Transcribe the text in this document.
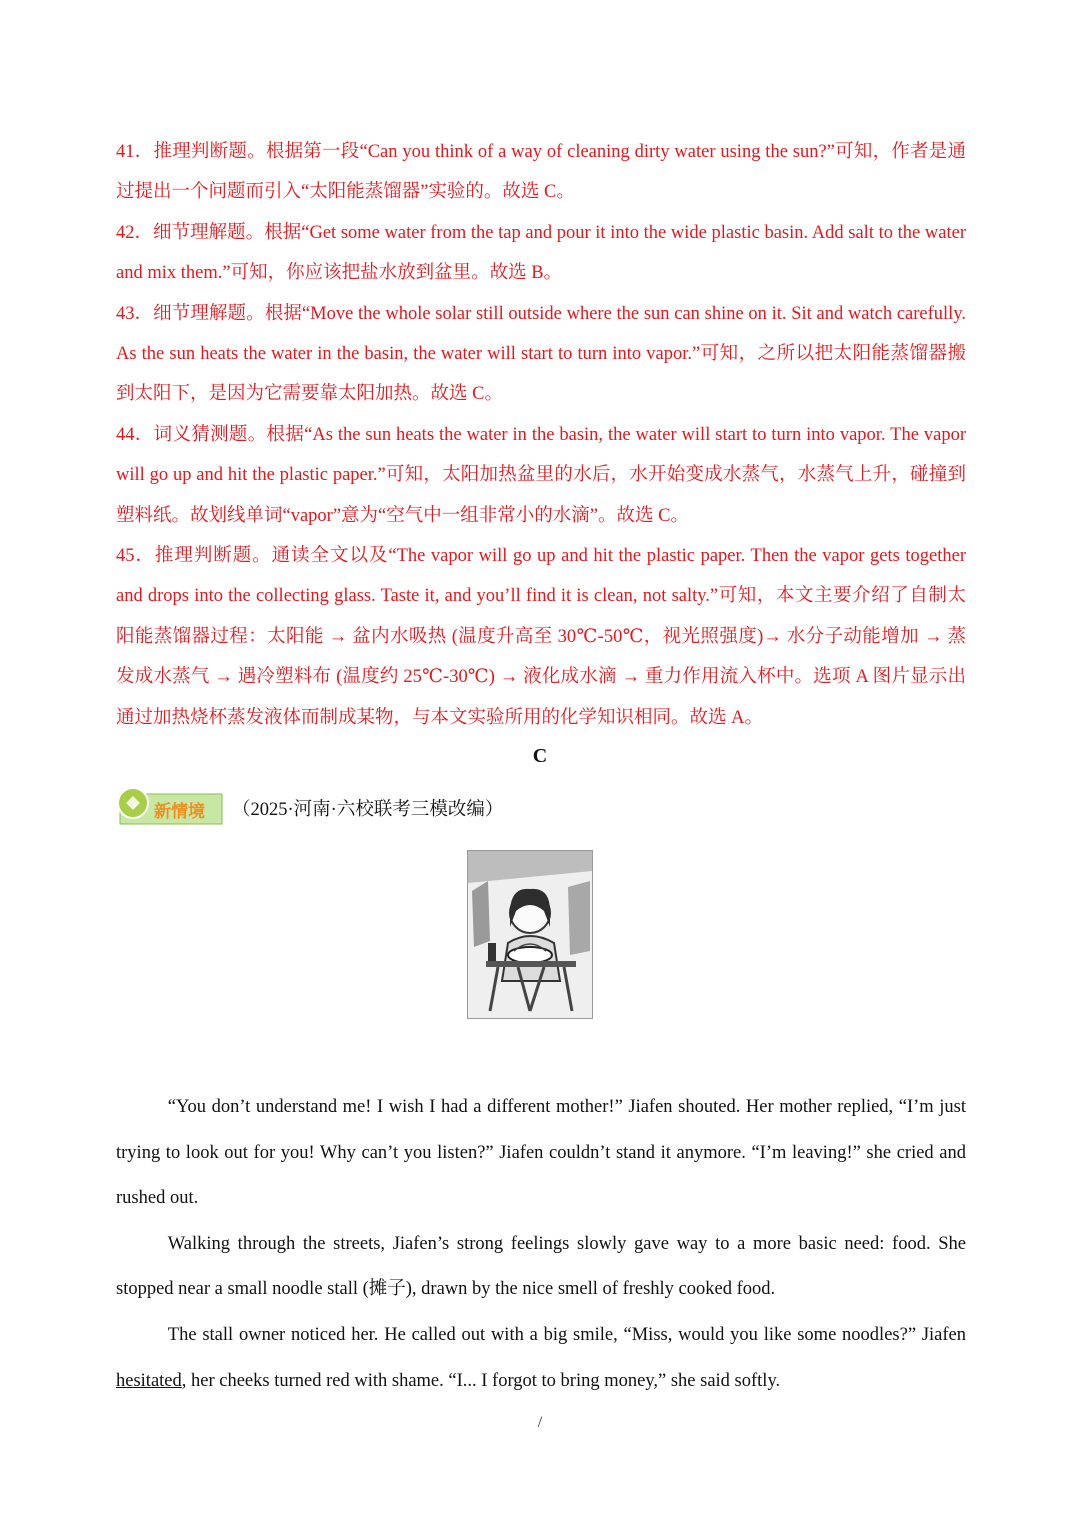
41．推理判断题。根据第一段“Can you think of a way of cleaning dirty water using the sun?”可知，作者是通过提出一个问题而引入“太阳能蒸馏器”实验的。故选 C。

42．细节理解题。根据“Get some water from the tap and pour it into the wide plastic basin. Add salt to the water and mix them.”可知，你应该把盐水放到盆里。故选 B。

43．细节理解题。根据“Move the whole solar still outside where the sun can shine on it. Sit and watch carefully. As the sun heats the water in the basin, the water will start to turn into vapor.”可知，之所以把太阳能蒸馏器搬到太阳下，是因为它需要靠太阳加热。故选 C。

44．词义猜测题。根据“As the sun heats the water in the basin, the water will start to turn into vapor. The vapor will go up and hit the plastic paper.”可知，太阳加热盆里的水后，水开始变成水蒸气，水蒸气上升，碰撞到塑料纸。故划线单词“vapor”意为“空气中一组非常小的水滴”。故选 C。

45．推理判断题。通读全文以及“The vapor will go up and hit the plastic paper. Then the vapor gets together and drops into the collecting glass. Taste it, and you’ll find it is clean, not salty.”可知，本文主要介绍了自制太阳能蒸馏器过程：太阳能 → 盆内水吸热 (温度升高至 30℃-50℃，视光照强度)→ 水分子动能增加 → 蒸发成水蒸气 → 遇冷塑料布 (温度约 25℃-30℃) → 液化成水滴 → 重力作用流入杯中。选项 A 图片显示出通过加热烧杯蒸发液体而制成某物，与本文实验所用的化学知识相同。故选 A。

C
新情境 （2025·河南·六校联考三模改编）

“You don’t understand me! I wish I had a different mother!” Jiafen shouted. Her mother replied, “I’m just trying to look out for you! Why can’t you listen?” Jiafen couldn’t stand it anymore. “I’m leaving!” she cried and rushed out.

Walking through the streets, Jiafen’s strong feelings slowly gave way to a more basic need: food. She stopped near a small noodle stall (摊子), drawn by the nice smell of freshly cooked food.

The stall owner noticed her. He called out with a big smile, “Miss, would you like some noodles?” Jiafen hesitated, her cheeks turned red with shame. “I... I forgot to bring money,” she said softly.

/
